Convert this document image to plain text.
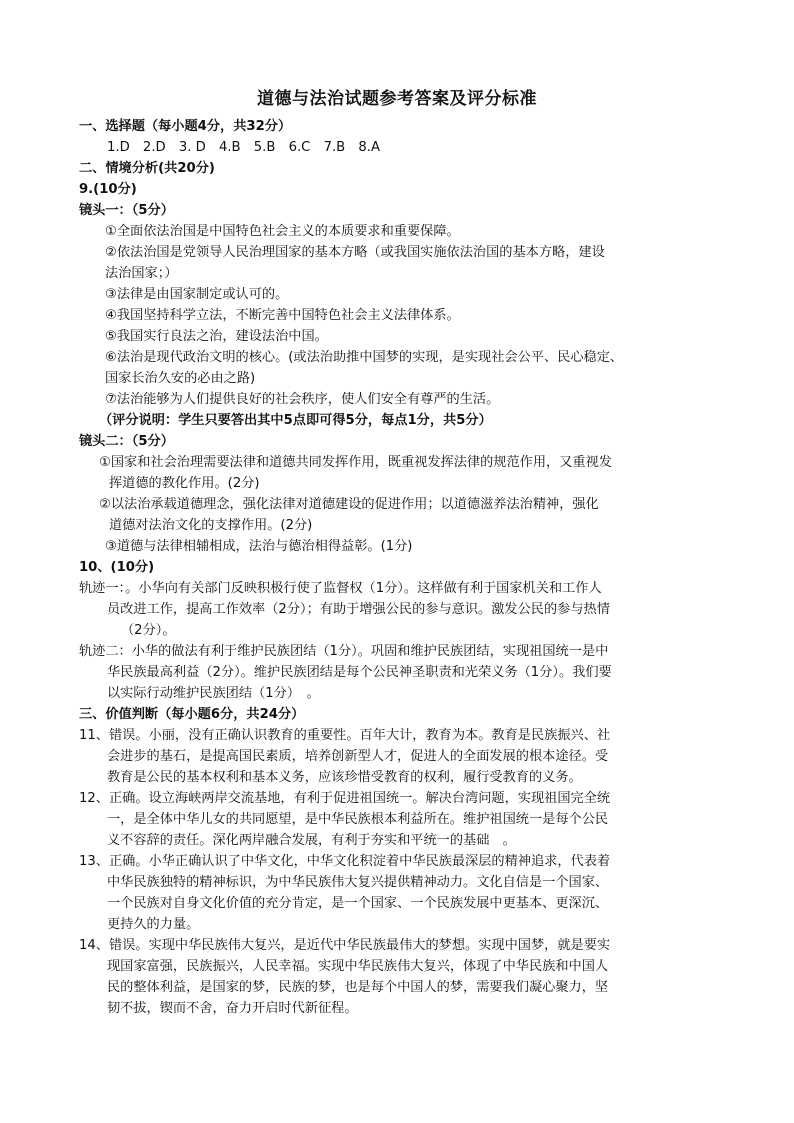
道德与法治试题参考答案及评分标准
一、选择题（每小题4分，共32分）
1.D　2.D　3. D　4.B　5.B　6.C　7.B　8.A
二、情境分析(共20分)
9.(10分)
镜头一：（5分）
①全面依法治国是中国特色社会主义的本质要求和重要保障。
②依法治国是党领导人民治理国家的基本方略（或我国实施依法治国的基本方略，建设
法治国家；）
③法律是由国家制定或认可的。
④我国坚持科学立法，不断完善中国特色社会主义法律体系。
⑤我国实行良法之治，建设法治中国。
⑥法治是现代政治文明的核心。(或法治助推中国梦的实现，是实现社会公平、民心稳定、
国家长治久安的必由之路)
⑦法治能够为人们提供良好的社会秩序，使人们安全有尊严的生活。
（评分说明：学生只要答出其中5点即可得5分，每点1分，共5分）
镜头二：（5分）
①国家和社会治理需要法律和道德共同发挥作用，既重视发挥法律的规范作用，又重视发
挥道德的教化作用。(2分)
②以法治承载道德理念，强化法律对道德建设的促进作用；以道德滋养法治精神，强化
道德对法治文化的支撑作用。(2分)
③道德与法律相辅相成，法治与德治相得益彰。(1分)
10、(10分)
轨迹一：。小华向有关部门反映积极行使了监督权（1分）。这样做有利于国家机关和工作人
员改进工作，提高工作效率（2分）；有助于增强公民的参与意识。激发公民的参与热情
（2分）。
轨迹二：小华的做法有利于维护民族团结（1分）。巩固和维护民族团结，实现祖国统一是中
华民族最高利益（2分）。维护民族团结是每个公民神圣职责和光荣义务（1分）。我们要
以实际行动维护民族团结（1分）　。
三、价值判断（每小题6分，共24分）
11、错误。小丽，没有正确认识教育的重要性。百年大计，教育为本。教育是民族振兴、社
会进步的基石，是提高国民素质，培养创新型人才，促进人的全面发展的根本途径。受
教育是公民的基本权利和基本义务，应该珍惜受教育的权利，履行受教育的义务。
12、正确。设立海峡两岸交流基地，有利于促进祖国统一。解决台湾问题，实现祖国完全统
一，是全体中华儿女的共同愿望，是中华民族根本利益所在。维护祖国统一是每个公民
义不容辞的责任。深化两岸融合发展，有利于夯实和平统一的基础　。
13、正确。小华正确认识了中华文化，中华文化积淀着中华民族最深层的精神追求，代表着
中华民族独特的精神标识，为中华民族伟大复兴提供精神动力。文化自信是一个国家、
一个民族对自身文化价值的充分肯定，是一个国家、一个民族发展中更基本、更深沉、
更持久的力量。
14、错误。实现中华民族伟大复兴，是近代中华民族最伟大的梦想。实现中国梦，就是要实
现国家富强，民族振兴，人民幸福。实现中华民族伟大复兴，体现了中华民族和中国人
民的整体利益，是国家的梦，民族的梦，也是每个中国人的梦，需要我们凝心聚力，坚
韧不拔，锲而不舍，奋力开启时代新征程。
